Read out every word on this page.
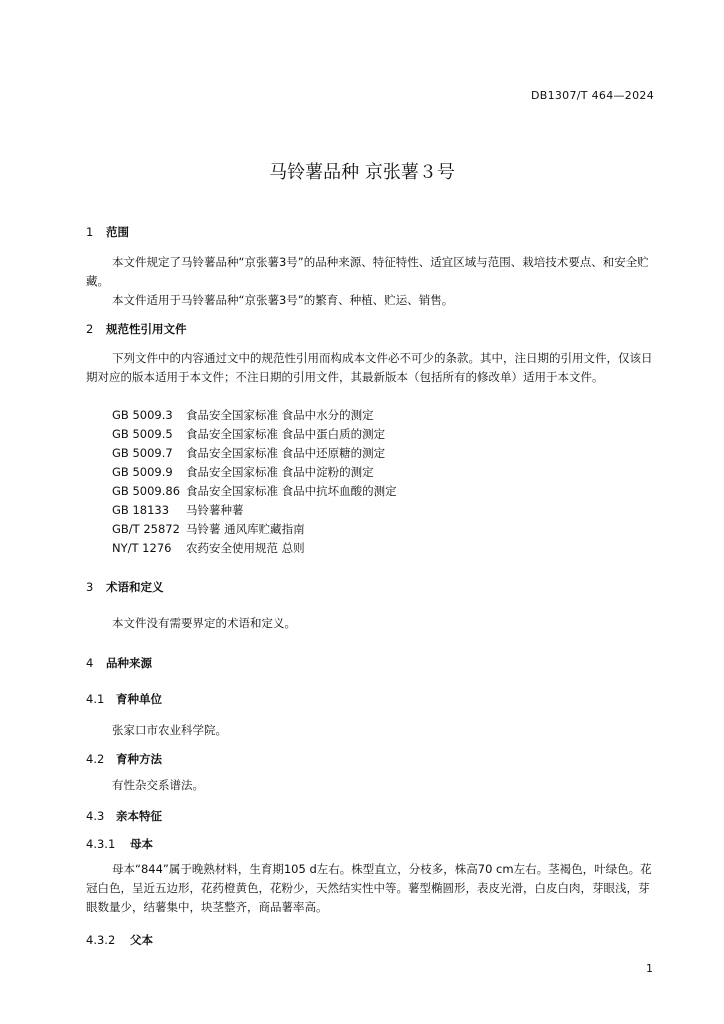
DB1307/T 464—2024
马铃薯品种 京张薯３号
1 范围
本文件规定了马铃薯品种“京张薯3号”的品种来源、特征特性、适宜区域与范围、栽培技术要点、和安全贮藏。
本文件适用于马铃薯品种“京张薯3号”的繁育、种植、贮运、销售。
2 规范性引用文件
下列文件中的内容通过文中的规范性引用而构成本文件必不可少的条款。其中，注日期的引用文件，仅该日期对应的版本适用于本文件；不注日期的引用文件，其最新版本（包括所有的修改单）适用于本文件。
GB 5009.3 食品安全国家标准 食品中水分的测定
GB 5009.5 食品安全国家标准 食品中蛋白质的测定
GB 5009.7 食品安全国家标准 食品中还原糖的测定
GB 5009.9 食品安全国家标准 食品中淀粉的测定
GB 5009.86 食品安全国家标准 食品中抗坏血酸的测定
GB 18133 马铃薯种薯
GB/T 25872 马铃薯 通风库贮藏指南
NY/T 1276 农药安全使用规范 总则
3 术语和定义
本文件没有需要界定的术语和定义。
4 品种来源
4.1 育种单位
张家口市农业科学院。
4.2 育种方法
有性杂交系谱法。
4.3 亲本特征
4.3.1 母本
母本“844”属于晚熟材料，生育期105 d左右。株型直立，分枝多，株高70 cm左右。茎褐色，叶绿色。花冠白色，呈近五边形，花药橙黄色，花粉少，天然结实性中等。薯型椭圆形，表皮光滑，白皮白肉，芽眼浅，芽眼数量少，结薯集中，块茎整齐，商品薯率高。
4.3.2 父本
1
